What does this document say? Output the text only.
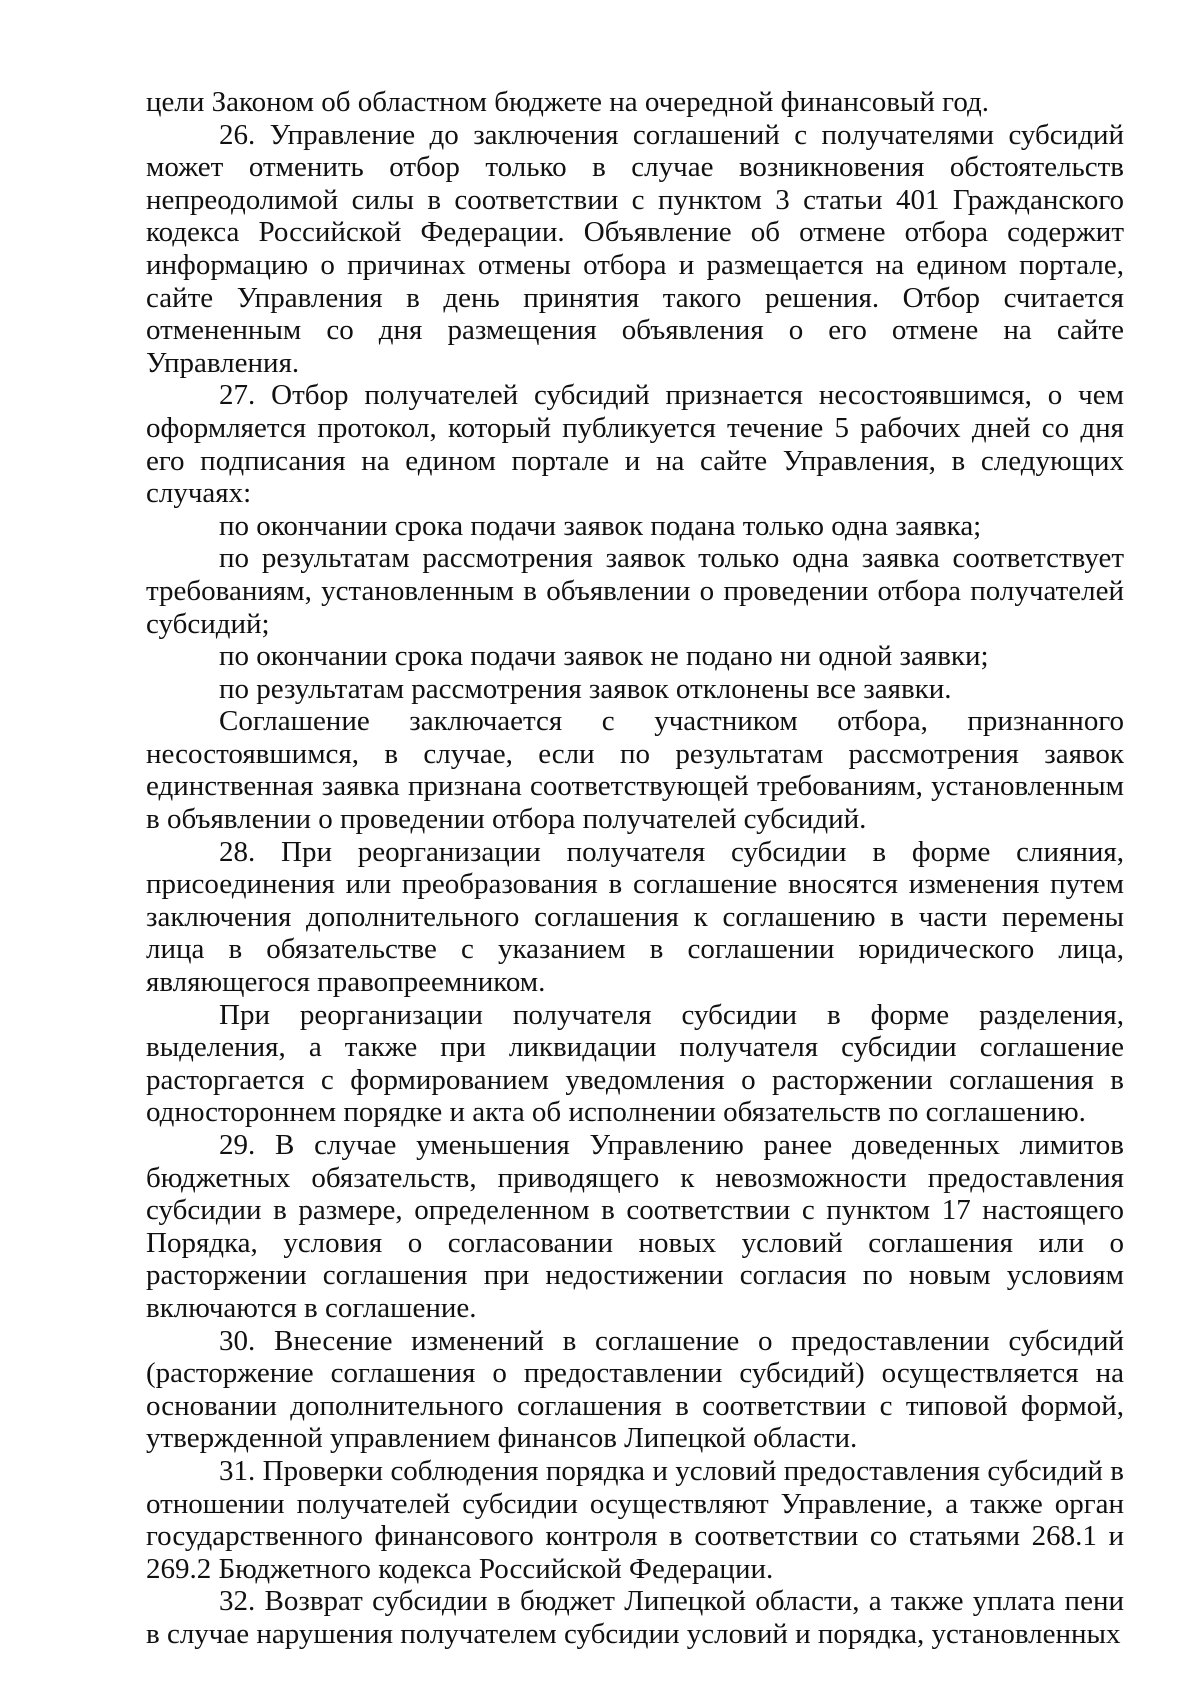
цели Законом об областном бюджете на очередной финансовый год.

26. Управление до заключения соглашений с получателями субсидий может отменить отбор только в случае возникновения обстоятельств непреодолимой силы в соответствии с пунктом 3 статьи 401 Гражданского кодекса Российской Федерации. Объявление об отмене отбора содержит информацию о причинах отмены отбора и размещается на едином портале, сайте Управления в день принятия такого решения. Отбор считается отмененным со дня размещения объявления о его отмене на сайте Управления.

27. Отбор получателей субсидий признается несостоявшимся, о чем оформляется протокол, который публикуется течение 5 рабочих дней со дня его подписания на едином портале и на сайте Управления, в следующих случаях:

по окончании срока подачи заявок подана только одна заявка;

по результатам рассмотрения заявок только одна заявка соответствует требованиям, установленным в объявлении о проведении отбора получателей субсидий;

по окончании срока подачи заявок не подано ни одной заявки;

по результатам рассмотрения заявок отклонены все заявки.

Соглашение заключается с участником отбора, признанного несостоявшимся, в случае, если по результатам рассмотрения заявок единственная заявка признана соответствующей требованиям, установленным в объявлении о проведении отбора получателей субсидий.

28. При реорганизации получателя субсидии в форме слияния, присоединения или преобразования в соглашение вносятся изменения путем заключения дополнительного соглашения к соглашению в части перемены лица в обязательстве с указанием в соглашении юридического лица, являющегося правопреемником.

При реорганизации получателя субсидии в форме разделения, выделения, а также при ликвидации получателя субсидии соглашение расторгается с формированием уведомления о расторжении соглашения в одностороннем порядке и акта об исполнении обязательств по соглашению.

29. В случае уменьшения Управлению ранее доведенных лимитов бюджетных обязательств, приводящего к невозможности предоставления субсидии в размере, определенном в соответствии с пунктом 17 настоящего Порядка, условия о согласовании новых условий соглашения или о расторжении соглашения при недостижении согласия по новым условиям включаются в соглашение.

30. Внесение изменений в соглашение о предоставлении субсидий (расторжение соглашения о предоставлении субсидий) осуществляется на основании дополнительного соглашения в соответствии с типовой формой, утвержденной управлением финансов Липецкой области.

31. Проверки соблюдения порядка и условий предоставления субсидий в отношении получателей субсидии осуществляют Управление, а также орган государственного финансового контроля в соответствии со статьями 268.1 и 269.2 Бюджетного кодекса Российской Федерации.

32. Возврат субсидии в бюджет Липецкой области, а также уплата пени в случае нарушения получателем субсидии условий и порядка, установленных
